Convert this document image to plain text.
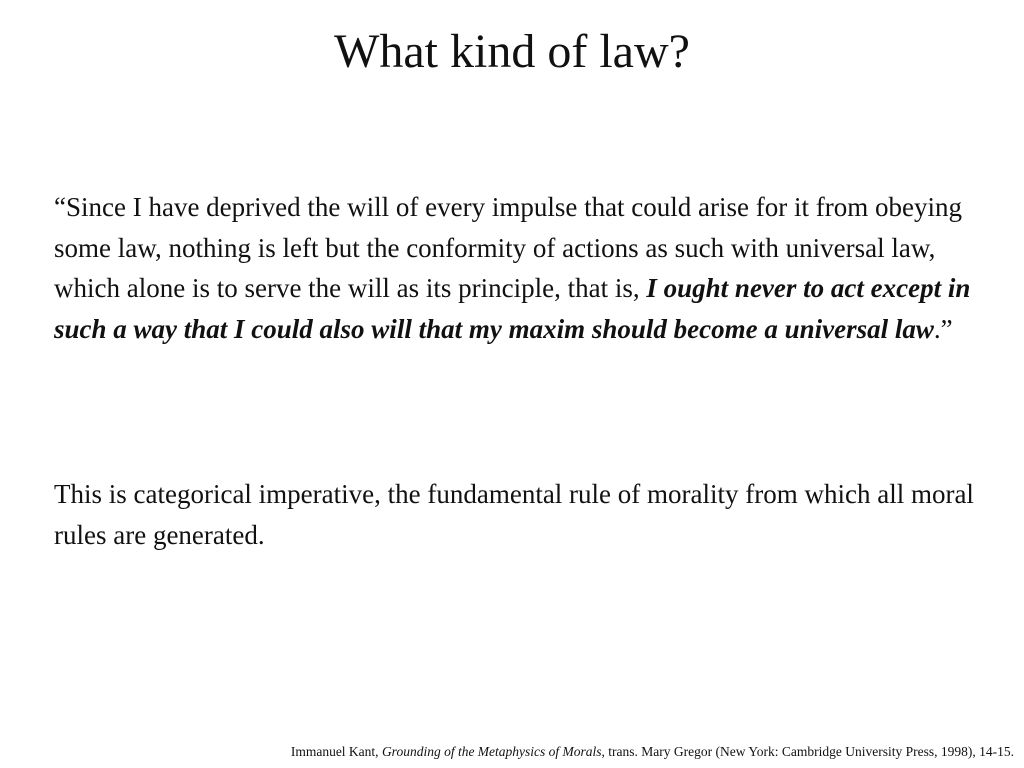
What kind of law?

“Since I have deprived the will of every impulse that could arise for it from obeying some law, nothing is left but the conformity of actions as such with universal law, which alone is to serve the will as its principle, that is, I ought never to act except in such a way that I could also will that my maxim should become a universal law.”

This is categorical imperative, the fundamental rule of morality from which all moral rules are generated.

Immanuel Kant, Grounding of the Metaphysics of Morals, trans. Mary Gregor (New York: Cambridge University Press, 1998), 14-15.
